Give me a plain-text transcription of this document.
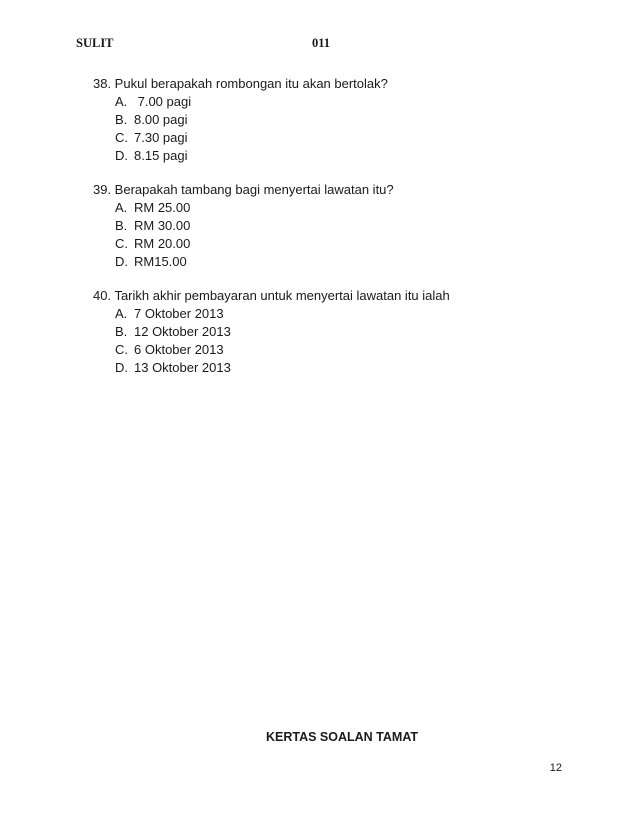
SULIT	011
38. Pukul berapakah rombongan itu akan bertolak?
A. 7.00 pagi
B. 8.00 pagi
C. 7.30 pagi
D. 8.15 pagi
39. Berapakah tambang bagi menyertai lawatan itu?
A. RM 25.00
B. RM 30.00
C. RM 20.00
D. RM15.00
40. Tarikh akhir pembayaran untuk menyertai lawatan itu ialah
A. 7 Oktober 2013
B. 12 Oktober 2013
C. 6 Oktober 2013
D. 13 Oktober 2013
KERTAS SOALAN TAMAT
12
